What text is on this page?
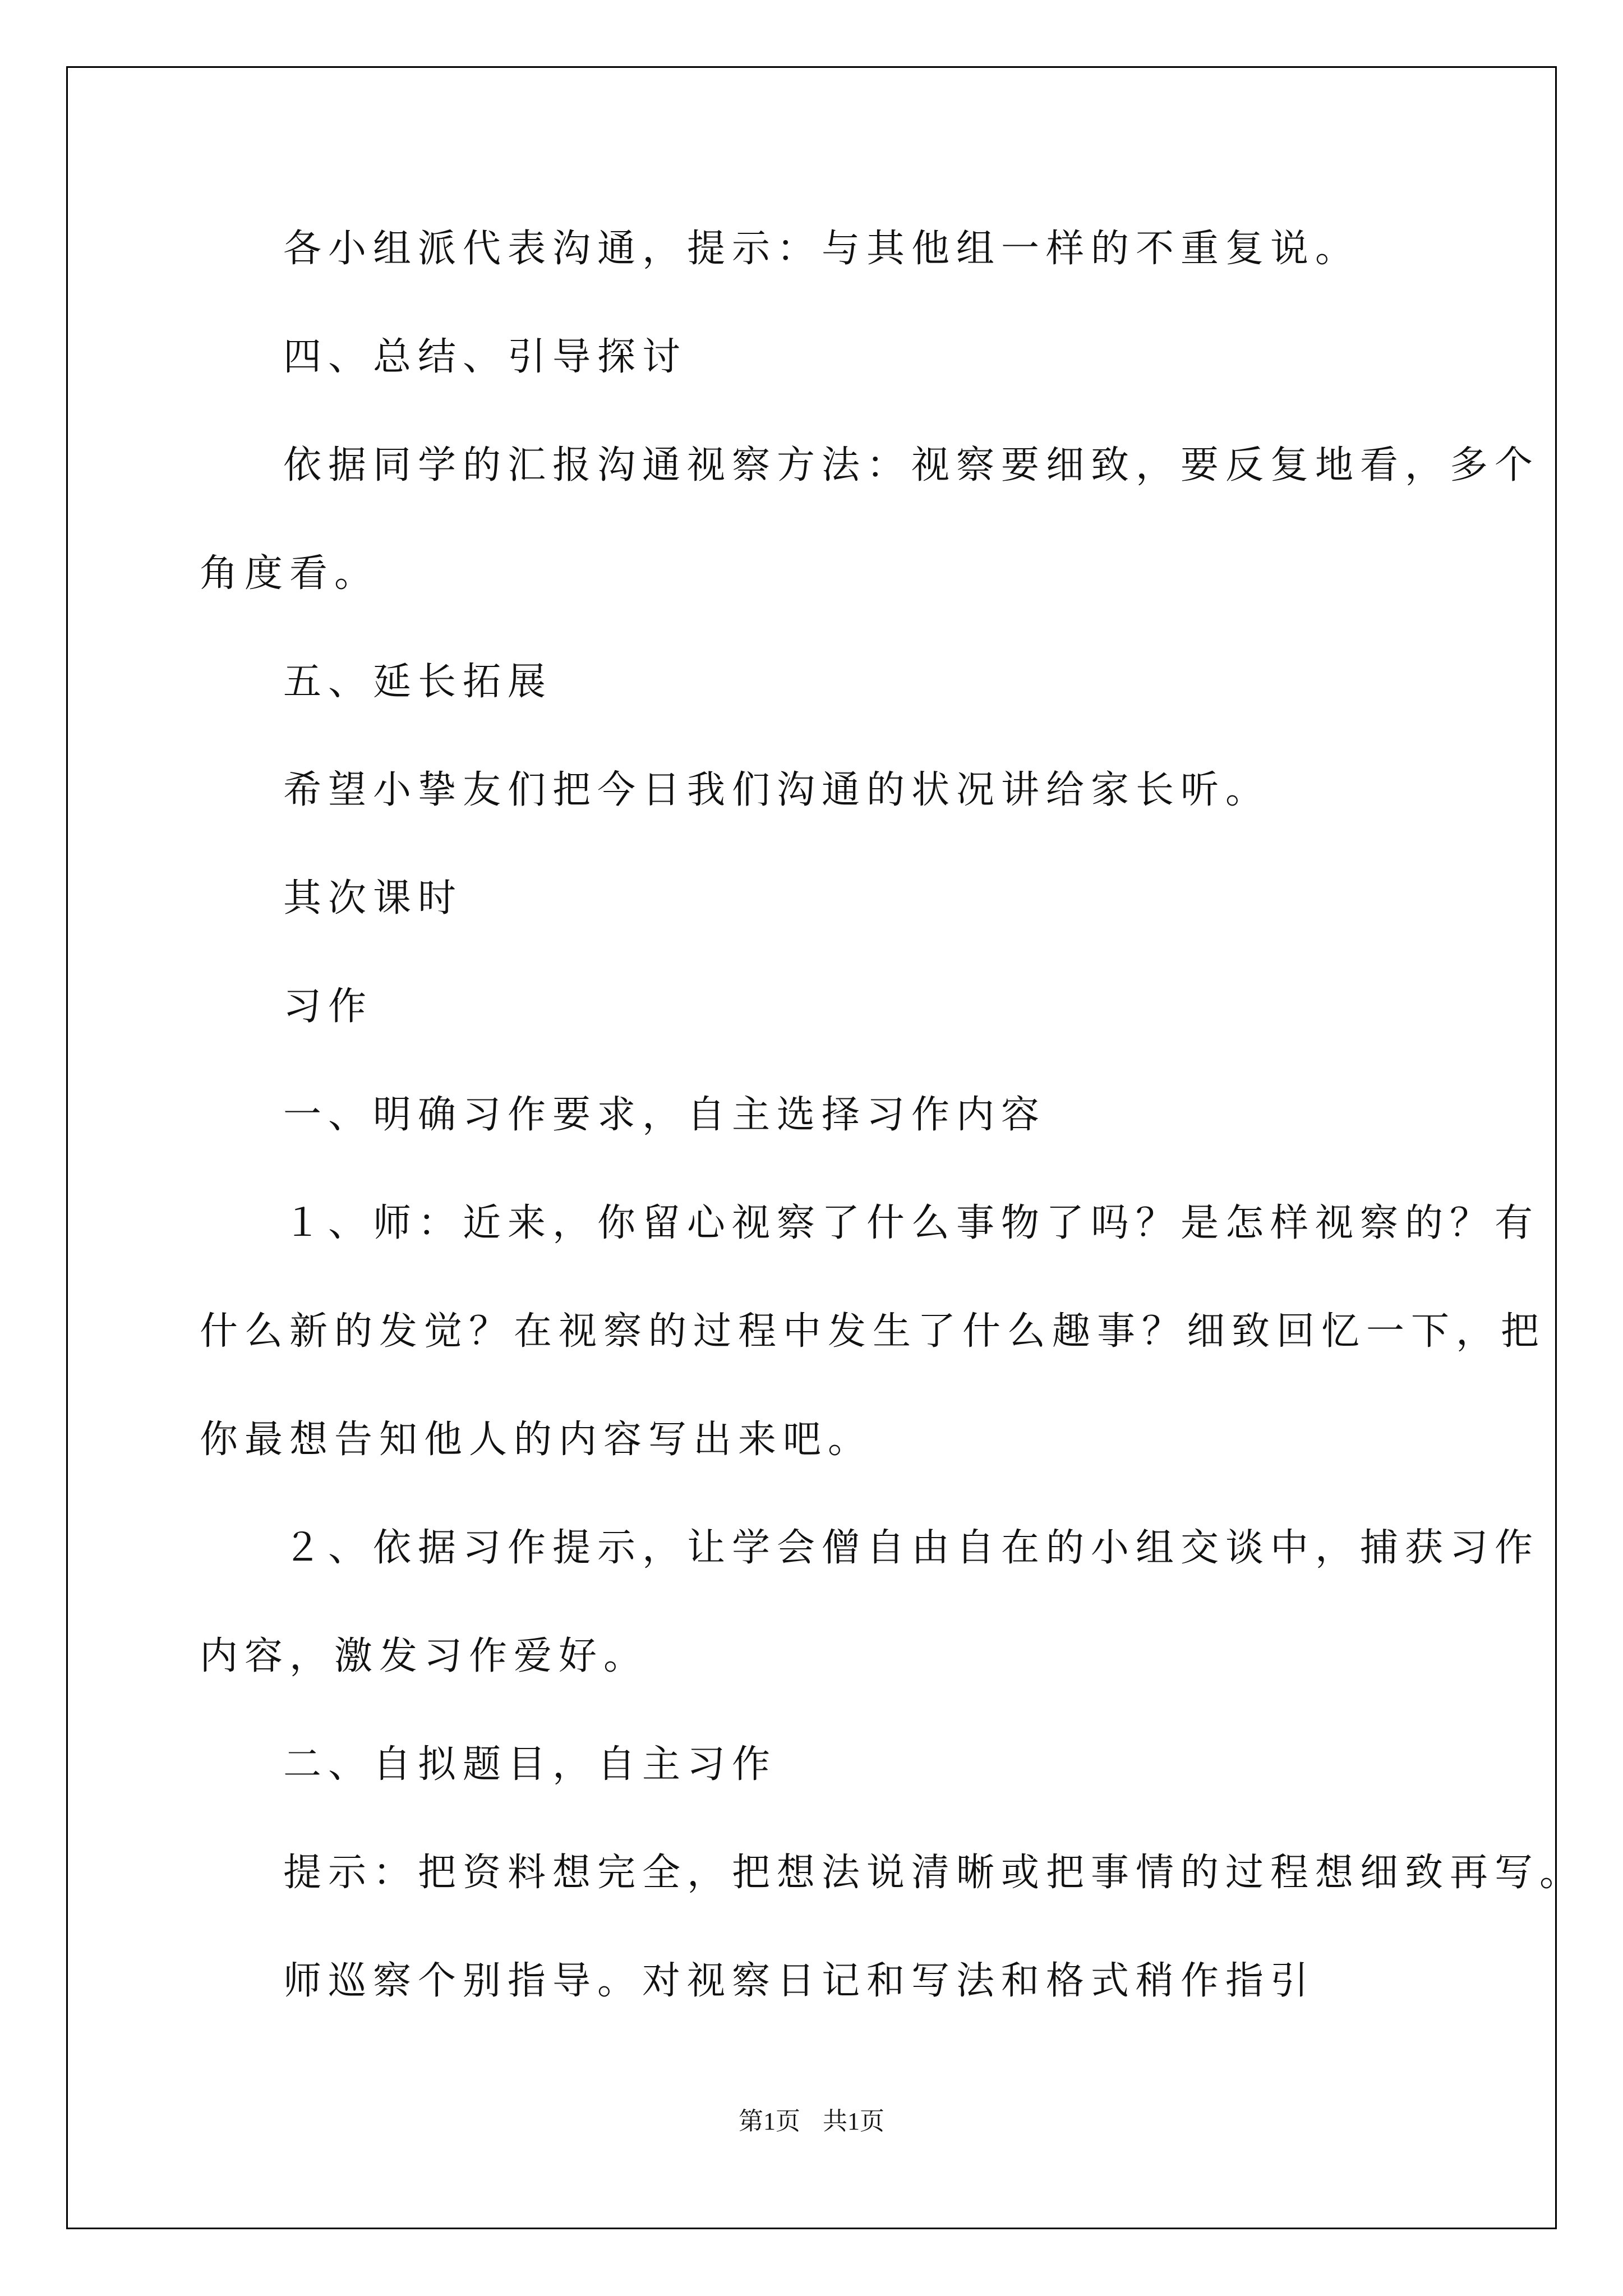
各小组派代表沟通，提示：与其他组一样的不重复说。
四、总结、引导探讨
依据同学的汇报沟通视察方法：视察要细致，要反复地看，多个
角度看。
五、延长拓展
希望小挚友们把今日我们沟通的状况讲给家长听。
其次课时
习作
一、明确习作要求，自主选择习作内容
１、师：近来，你留心视察了什么事物了吗？是怎样视察的？有
什么新的发觉？在视察的过程中发生了什么趣事？细致回忆一下，把
你最想告知他人的内容写出来吧。
２、依据习作提示，让学会僧自由自在的小组交谈中，捕获习作
内容，激发习作爱好。
二、自拟题目，自主习作
提示：把资料想完全，把想法说清晰或把事情的过程想细致再写。
师巡察个别指导。对视察日记和写法和格式稍作指引
第1页 共1页
